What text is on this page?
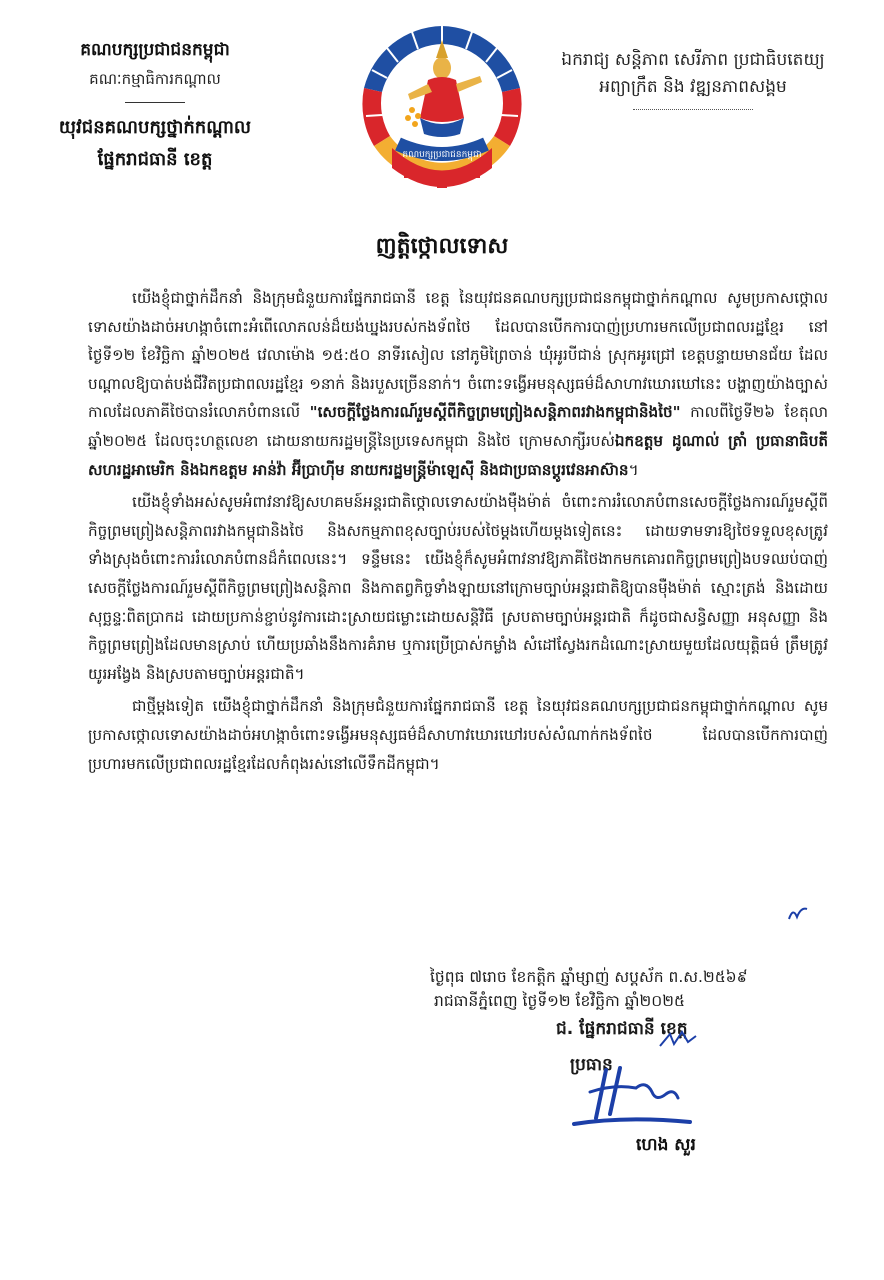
គណបក្សប្រជាជនកម្ពុជា
គណៈកម្មាធិការកណ្តាល
យុវជនគណបក្សថ្នាក់កណ្តាល
ផ្នែករាជធានី ខេត្ត	គណបក្សប្រជាជនកម្ពុជា
ឯករាជ្យ សន្តិភាព សេរីភាព ប្រជាធិបតេយ្យ
អព្យាក្រឹត និង វឌ្ឍនភាពសង្គម
ញត្តិថ្កោលទោស

យើងខ្ញុំជាថ្នាក់ដឹកនាំ និងក្រុមជំនួយការផ្នែករាជធានី ខេត្ត នៃយុវជនគណបក្សប្រជាជនកម្ពុជាថ្នាក់កណ្តាល សូមប្រកាសថ្កោលទោសយ៉ាងដាច់អហង្កាចំពោះអំពើលោភលន់ដ៏យង់ឃ្នងរបស់កងទ័ពថៃ ដែលបានបើកការបាញ់ប្រហារមកលើប្រជាពលរដ្ឋខ្មែរ នៅថ្ងៃទី១២ ខែវិច្ឆិកា ឆ្នាំ២០២៥ វេលាម៉ោង ១៥:៥០ នាទីរសៀល នៅភូមិព្រៃចាន់ ឃុំអូរបីជាន់ ស្រុកអូរជ្រៅ ខេត្តបន្ទាយមានជ័យ ដែលបណ្តាលឱ្យបាត់បង់ជីវិតប្រជាពលរដ្ឋខ្មែរ ១នាក់ និងរបួសច្រើននាក់។ ចំពោះទង្វើអមនុស្សធម៌ដ៏សាហាវឃោរឃៅនេះ បង្ហាញយ៉ាងច្បាស់កាលដែលភាគីថៃបានរំលោភបំពានលើ "សេចក្តីថ្លែងការណ៍រួមស្តីពីកិច្ចព្រមព្រៀងសន្តិភាពរវាងកម្ពុជានិងថៃ" កាលពីថ្ងៃទី២៦ ខែតុលា ឆ្នាំ២០២៥ ដែលចុះហត្ថលេខា ដោយនាយករដ្ឋមន្ត្រីនៃប្រទេសកម្ពុជា និងថៃ ក្រោមសាក្សីរបស់ឯកឧត្តម ដូណាល់ ត្រាំ ប្រធានាធិបតីសហរដ្ឋអាមេរិក និងឯកឧត្តម អាន់វ៉ា អ៊ីប្រាហ៊ីម នាយករដ្ឋមន្ត្រីម៉ាឡេស៊ី និងជាប្រធានប្តូរវេនអាស៊ាន។

យើងខ្ញុំទាំងអស់សូមអំពាវនាវឱ្យសហគមន៍អន្តរជាតិថ្កោលទោសយ៉ាងម៉ឺងម៉ាត់ ចំពោះការរំលោភបំពានសេចក្តីថ្លែងការណ៍រួមស្តីពីកិច្ចព្រមព្រៀងសន្តិភាពរវាងកម្ពុជានិងថៃ និងសកម្មភាពខុសច្បាប់របស់ថៃម្តងហើយម្តងទៀតនេះ ដោយទាមទារឱ្យថៃទទួលខុសត្រូវទាំងស្រុងចំពោះការរំលោភបំពានដ៏កំពេលនេះ។ ទន្ទឹមនេះ យើងខ្ញុំក៏សូមអំពាវនាវឱ្យភាគីថៃងាកមកគោរពកិច្ចព្រមព្រៀងបទឈប់បាញ់ សេចក្តីថ្លែងការណ៍រួមស្តីពីកិច្ចព្រមព្រៀងសន្តិភាព និងកាតព្វកិច្ចទាំងឡាយនៅក្រោមច្បាប់អន្តរជាតិឱ្យបានម៉ឺងម៉ាត់ ស្មោះត្រង់ និងដោយសុច្ឆន្ទៈពិតប្រាកដ ដោយប្រកាន់ខ្ជាប់នូវការដោះស្រាយជម្លោះដោយសន្តិវិធី ស្របតាមច្បាប់អន្តរជាតិ ក៏ដូចជាសន្ធិសញ្ញា អនុសញ្ញា និងកិច្ចព្រមព្រៀងដែលមានស្រាប់ ហើយប្រឆាំងនឹងការគំរាម ឬការប្រើប្រាស់កម្លាំង សំដៅស្វែងរកដំណោះស្រាយមួយដែលយុត្តិធម៌ ត្រឹមត្រូវ យូរអង្វែង និងស្របតាមច្បាប់អន្តរជាតិ។

ជាថ្មីម្តងទៀត យើងខ្ញុំជាថ្នាក់ដឹកនាំ និងក្រុមជំនួយការផ្នែករាជធានី ខេត្ត នៃយុវជនគណបក្សប្រជាជនកម្ពុជាថ្នាក់កណ្តាល សូមប្រកាសថ្កោលទោសយ៉ាងដាច់អហង្កាចំពោះទង្វើអមនុស្សធម៌ដ៏សាហាវឃោរឃៅរបស់សំណាក់កងទ័ពថៃ ដែលបានបើកការបាញ់ប្រហារមកលើប្រជាពលរដ្ឋខ្មែរដែលកំពុងរស់នៅលើទឹកដីកម្ពុជា។

ថ្ងៃពុធ ៧រោច ខែកត្តិក ឆ្នាំម្សាញ់ សប្តស័ក ព.ស.២៥៦៩
រាជធានីភ្នំពេញ ថ្ងៃទី១២ ខែវិច្ឆិកា ឆ្នាំ២០២៥
ជ. ផ្នែករាជធានី ខេត្ត
ប្រធាន
ហេង សួរ
